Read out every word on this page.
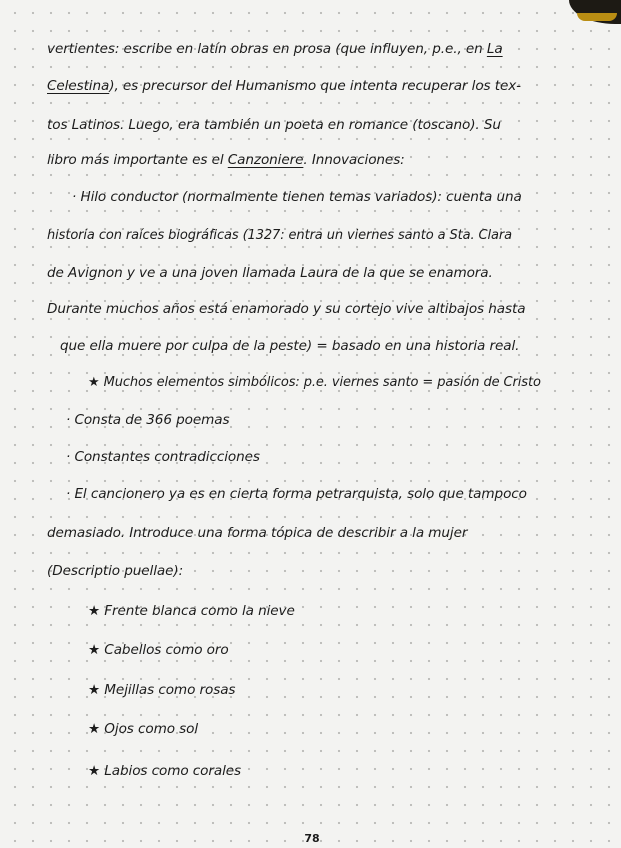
vertientes: escribe en latín obras en prosa (que influyen, p.e., en La
Celestina), es precursor del Humanismo que intenta recuperar los tex-
tos Latinos. Luego, era también un poeta en romance (toscano). Su
libro más importante es el Canzoniere. Innovaciones:
· Hilo conductor (normalmente tienen temas variados): cuenta una
historia con raíces biográficas (1327: entra un viernes santo a Sta. Clara
de Avignon y ve a una joven llamada Laura de la que se enamora.
Durante muchos años está enamorado y su cortejo vive altibajos hasta
que ella muere por culpa de la peste) = basado en una historia real.
★ Muchos elementos simbólicos: p.e. viernes santo = pasión de Cristo
· Consta de 366 poemas
· Constantes contradicciones
· El cancionero ya es en cierta forma petrarquista, solo que tampoco
demasiado. Introduce una forma tópica de describir a la mujer
(Descriptio puellae):
★ Frente blanca como la nieve
★ Cabellos como oro
★ Mejillas como rosas
★ Ojos como sol
★ Labios como corales
78
